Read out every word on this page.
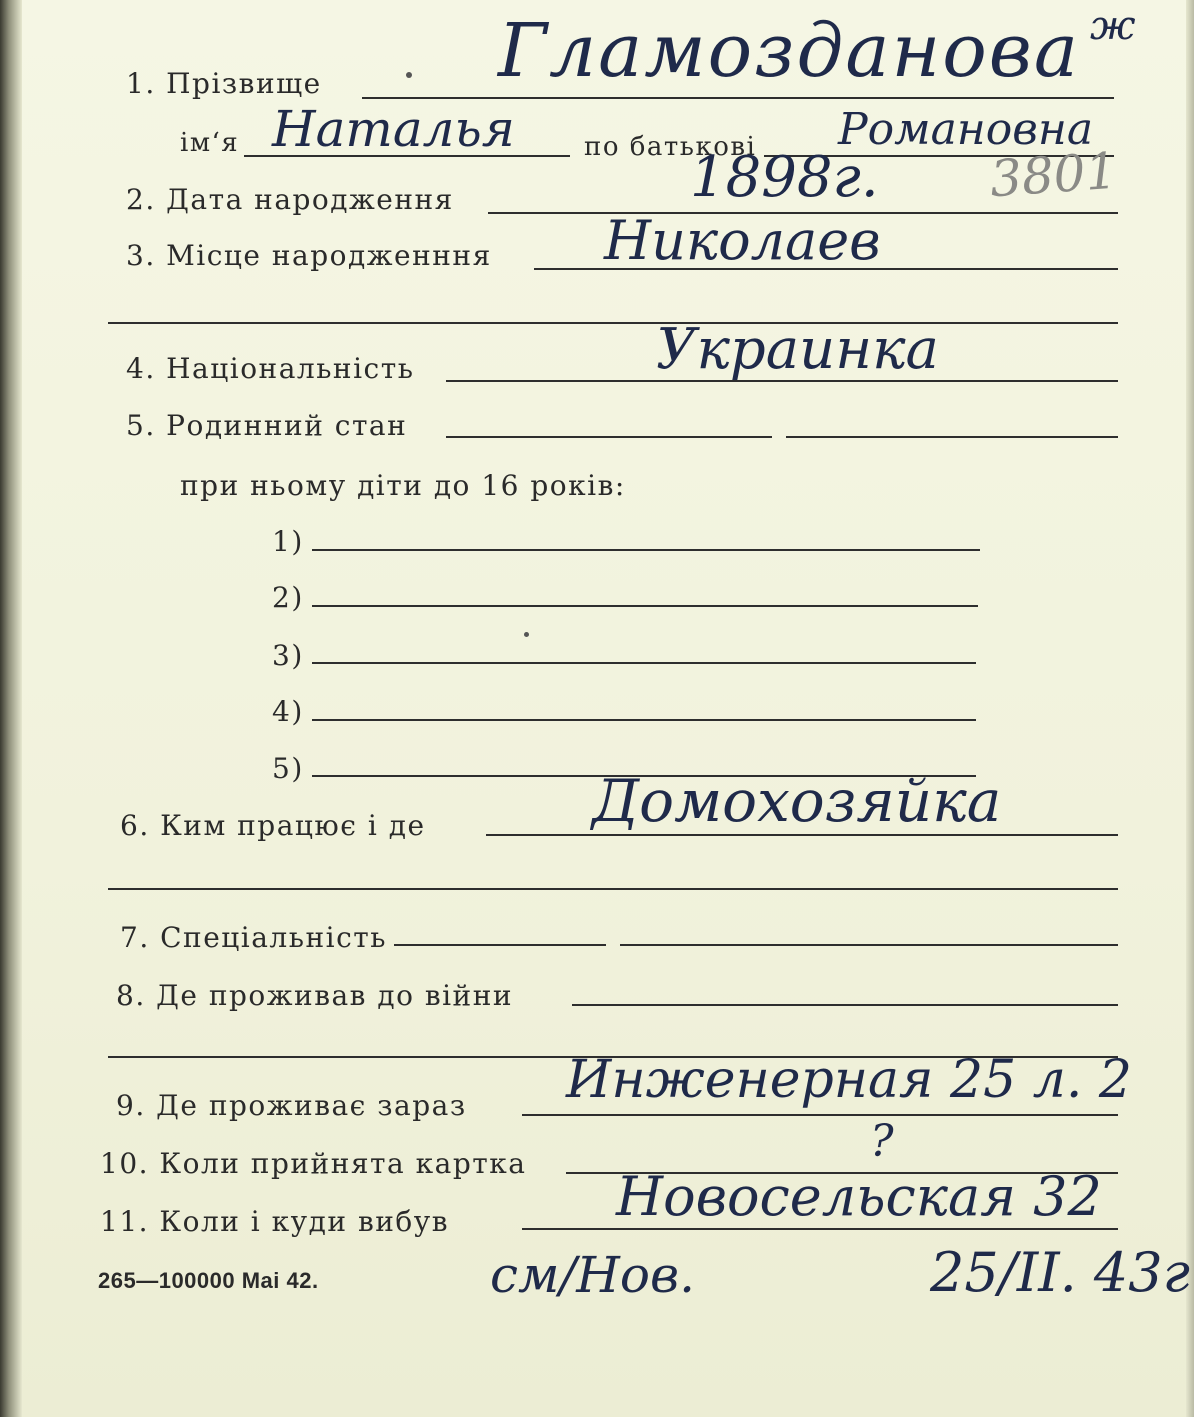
ж
1. Прізвище Гламозданова
ім‘я Наталья	по батькові Романовна
2. Дата народження	1898г. 3801
3. Місце народженння Николаев
4. Національність	Украинка
5. Родинний стан
при ньому діти до 16 років:
1)
2)
3)
4)
5)
6. Ким працює і де	Домохозяйка
7. Спеціальність
8. Де проживав до війни
9. Де проживає зараз Инженерная 25 л. 2
10. Коли прийнята картка	?
11. Коли і куди вибув	Новосельская 32
265—100000 Mai 42.	см/Нов.	25/II. 43г
